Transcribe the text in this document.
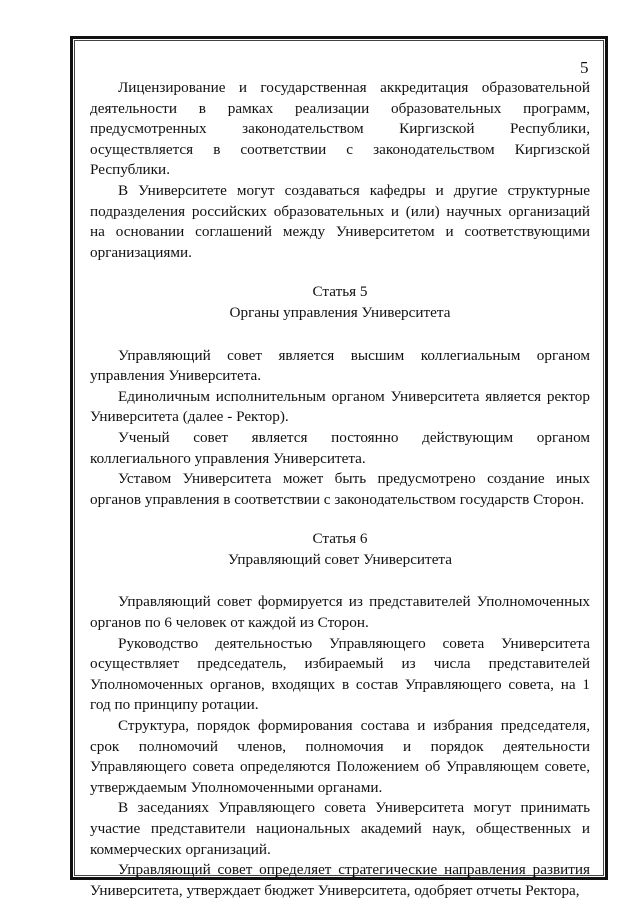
5

Лицензирование и государственная аккредитация образовательной деятельности в рамках реализации образовательных программ, предусмотренных законодательством Киргизской Республики, осуществляется в соответствии с законодательством Киргизской Республики.

В Университете могут создаваться кафедры и другие структурные подразделения российских образовательных и (или) научных организаций на основании соглашений между Университетом и соответствующими организациями.

Статья 5

Органы управления Университета

Управляющий совет является высшим коллегиальным органом управления Университета.

Единоличным исполнительным органом Университета является ректор Университета (далее - Ректор).

Ученый совет является постоянно действующим органом коллегиального управления Университета.

Уставом Университета может быть предусмотрено создание иных органов управления в соответствии с законодательством государств Сторон.

Статья 6

Управляющий совет Университета

Управляющий совет формируется из представителей Уполномоченных органов по 6 человек от каждой из Сторон.

Руководство деятельностью Управляющего совета Университета осуществляет председатель, избираемый из числа представителей Уполномоченных органов, входящих в состав Управляющего совета, на 1 год по принципу ротации.

Структура, порядок формирования состава и избрания председателя, срок полномочий членов, полномочия и порядок деятельности Управляющего совета определяются Положением об Управляющем совете, утверждаемым Уполномоченными органами.

В заседаниях Управляющего совета Университета могут принимать участие представители национальных академий наук, общественных и коммерческих организаций.

Управляющий совет определяет стратегические направления развития Университета, утверждает бюджет Университета, одобряет отчеты Ректора,
